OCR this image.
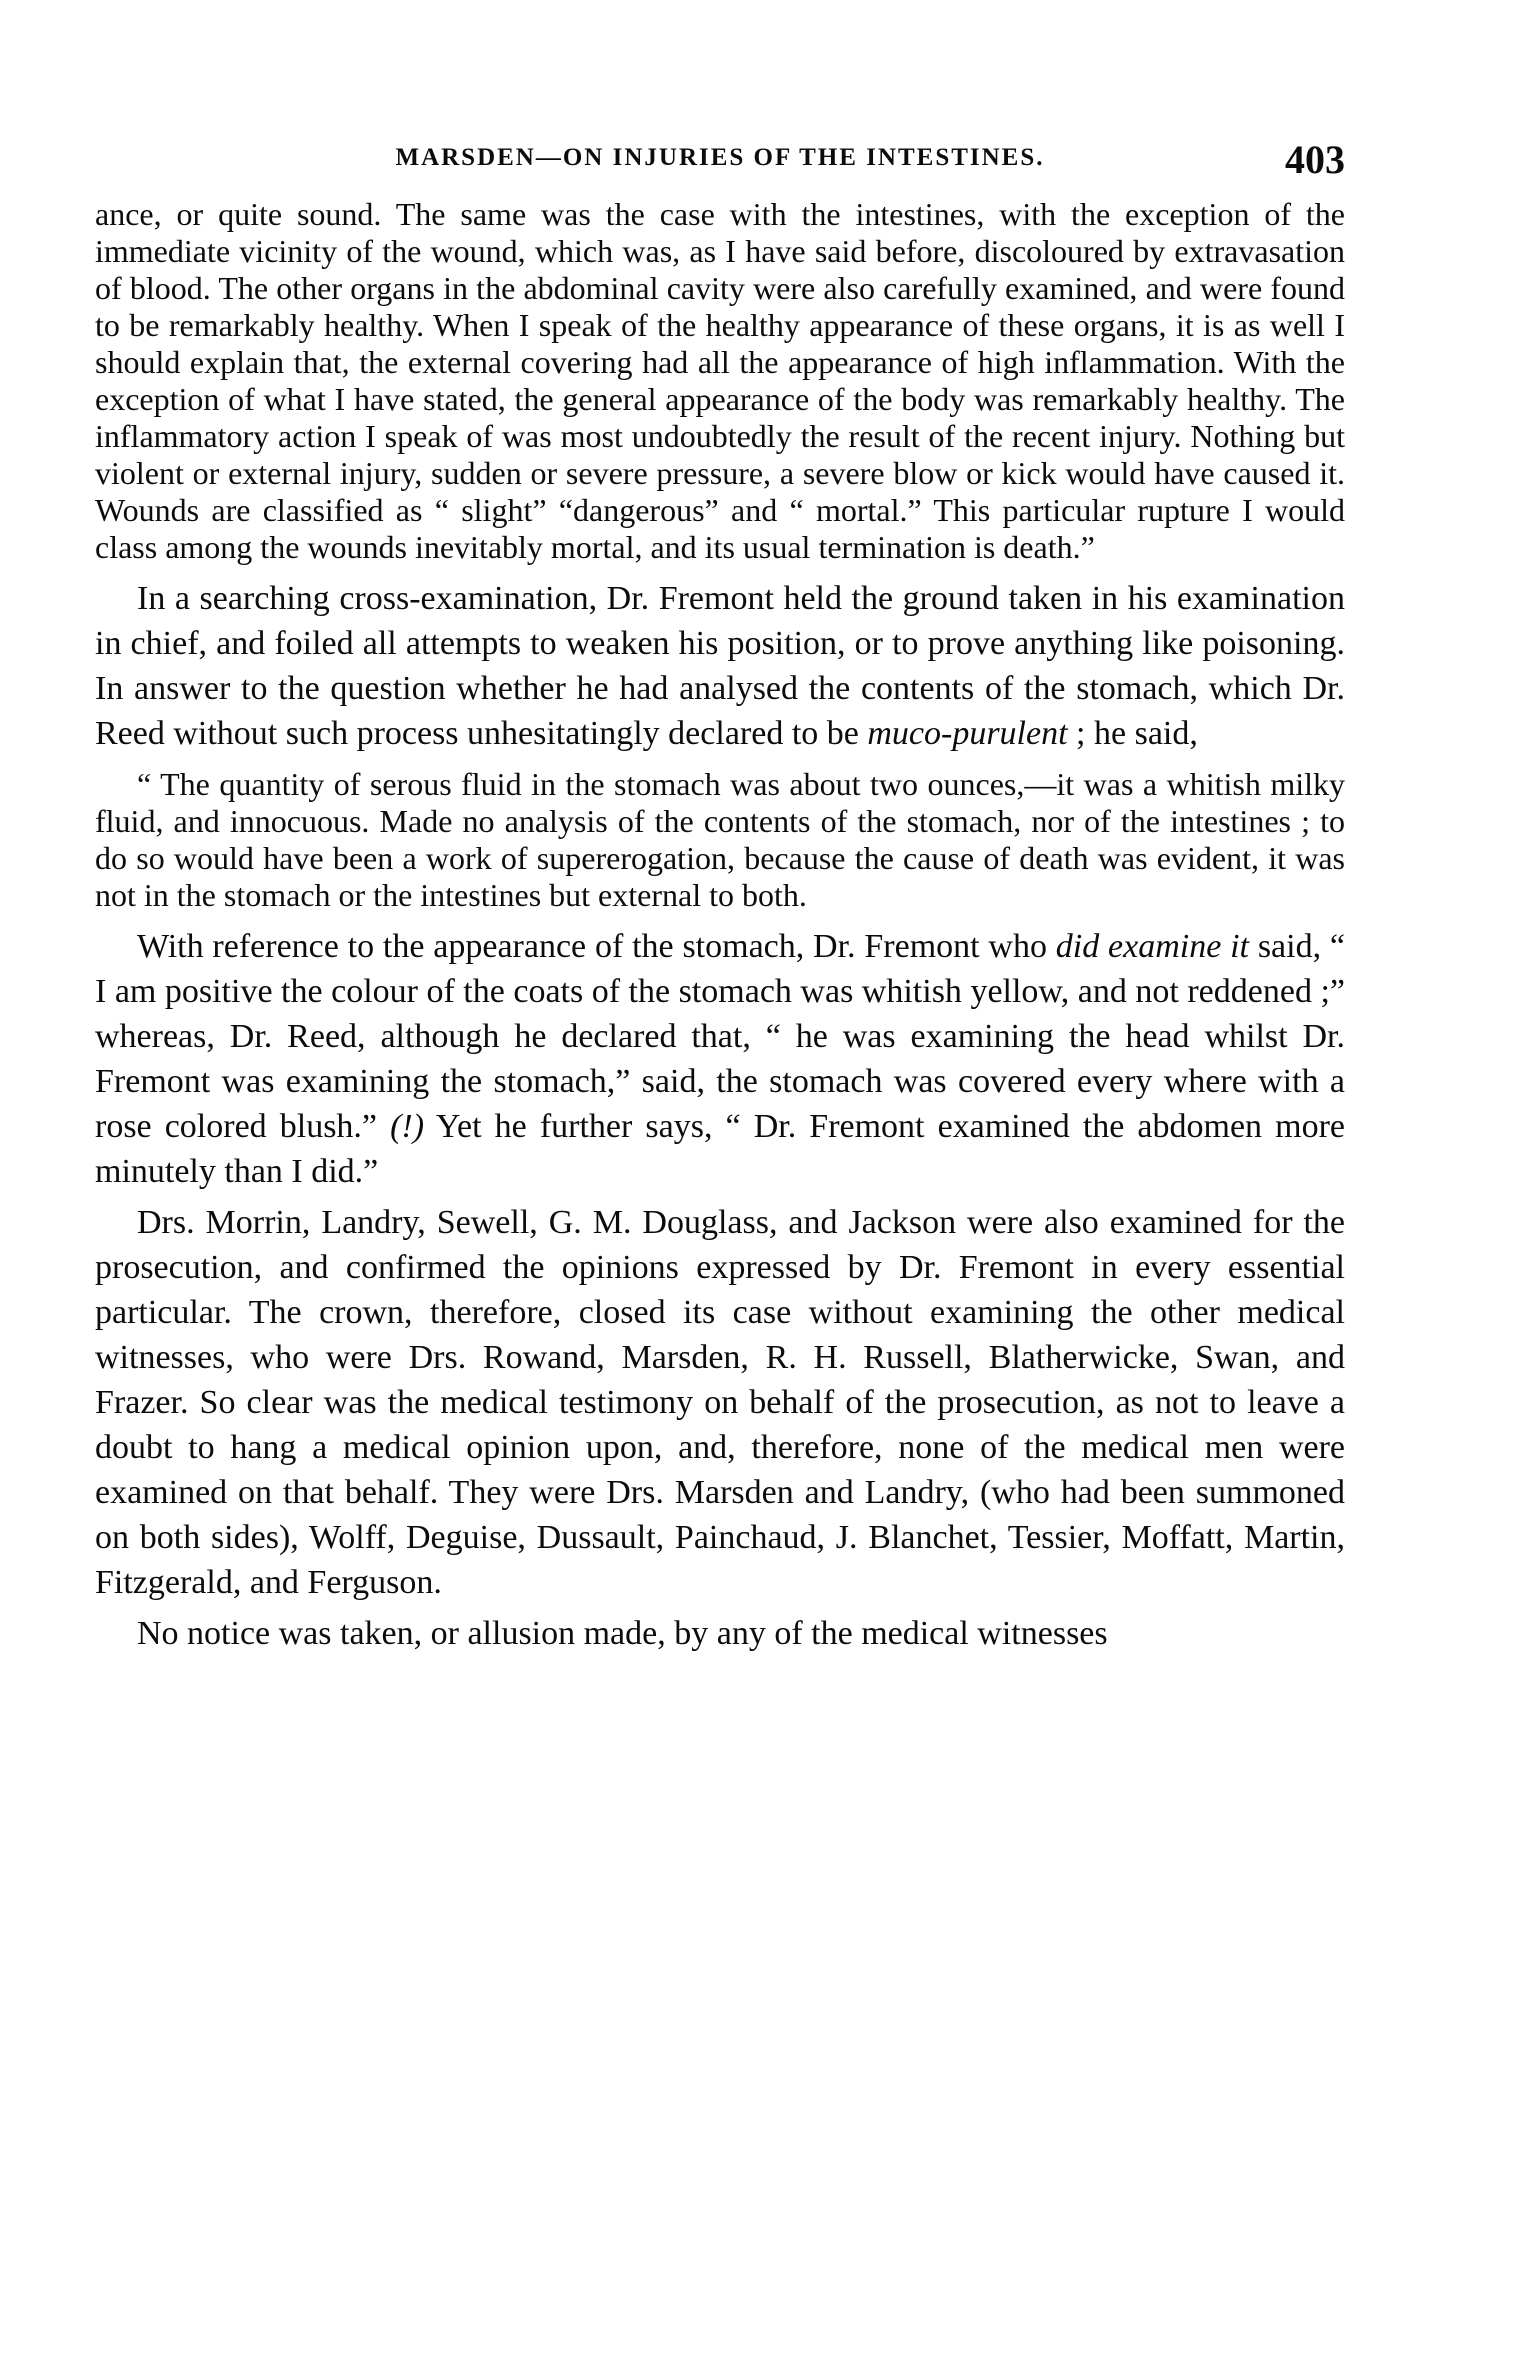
MARSDEN—ON INJURIES OF THE INTESTINES.	403

ance, or quite sound. The same was the case with the intestines, with the exception of the immediate vicinity of the wound, which was, as I have said before, discoloured by extravasation of blood. The other organs in the abdominal cavity were also carefully examined, and were found to be remarkably healthy. When I speak of the healthy appearance of these organs, it is as well I should explain that, the external covering had all the appearance of high inflammation. With the exception of what I have stated, the general appearance of the body was remarkably healthy. The inflammatory action I speak of was most undoubtedly the result of the recent injury. Nothing but violent or external injury, sudden or severe pressure, a severe blow or kick would have caused it. Wounds are classified as “ slight” “dangerous” and “ mortal.” This particular rupture I would class among the wounds inevitably mortal, and its usual termination is death.”

In a searching cross-examination, Dr. Fremont held the ground taken in his examination in chief, and foiled all attempts to weaken his position, or to prove anything like poisoning. In answer to the question whether he had analysed the contents of the stomach, which Dr. Reed without such process unhesitatingly declared to be muco-purulent ; he said,

“ The quantity of serous fluid in the stomach was about two ounces,—it was a whitish milky fluid, and innocuous. Made no analysis of the contents of the stomach, nor of the intestines ; to do so would have been a work of supererogation, because the cause of death was evident, it was not in the stomach or the intestines but external to both.

With reference to the appearance of the stomach, Dr. Fremont who did examine it said, “ I am positive the colour of the coats of the stomach was whitish yellow, and not reddened ;” whereas, Dr. Reed, although he declared that, “ he was examining the head whilst Dr. Fremont was examining the stomach,” said, the stomach was covered every where with a rose colored blush.” (!) Yet he further says, “ Dr. Fremont examined the abdomen more minutely than I did.”

Drs. Morrin, Landry, Sewell, G. M. Douglass, and Jackson were also examined for the prosecution, and confirmed the opinions expressed by Dr. Fremont in every essential particular. The crown, therefore, closed its case without examining the other medical witnesses, who were Drs. Rowand, Marsden, R. H. Russell, Blatherwicke, Swan, and Frazer. So clear was the medical testimony on behalf of the prosecution, as not to leave a doubt to hang a medical opinion upon, and, therefore, none of the medical men were examined on that behalf. They were Drs. Marsden and Landry, (who had been summoned on both sides), Wolff, Deguise, Dussault, Painchaud, J. Blanchet, Tessier, Moffatt, Martin, Fitzgerald, and Ferguson.

No notice was taken, or allusion made, by any of the medical witnesses
